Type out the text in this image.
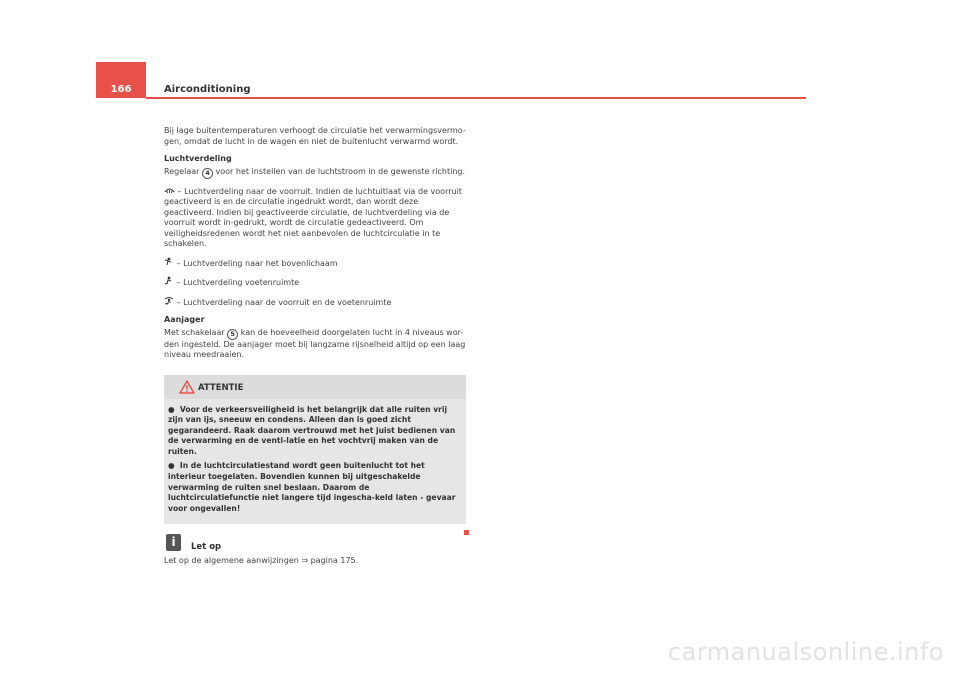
166	Airconditioning

Bij lage buitentemperaturen verhoogt de circulatie het verwarmingsvermo-gen, omdat de lucht in de wagen en niet de buitenlucht verwarmd wordt.

Luchtverdeling

Regelaar 4 voor het instellen van de luchtstroom in de gewenste richting.

– Luchtverdeling naar de voorruit. Indien de luchtuitlaat via de voorruit geactiveerd is en de circulatie ingedrukt wordt, dan wordt deze geactiveerd. Indien bij geactiveerde circulatie, de luchtverdeling via de voorruit wordt in-gedrukt, wordt de circulatie gedeactiveerd. Om veiligheidsredenen wordt het niet aanbevolen de luchtcirculatie in te schakelen.

– Luchtverdeling naar het bovenlichaam

– Luchtverdeling voetenruimte

– Luchtverdeling naar de voorruit en de voetenruimte

Aanjager

Met schakelaar 5 kan de hoeveelheid doorgelaten lucht in 4 niveaus wor-den ingesteld. De aanjager moet bij langzame rijsnelheid altijd op een laag niveau meedraaien.

ATTENTIE

●  Voor de verkeersveiligheid is het belangrijk dat alle ruiten vrij zijn van ijs, sneeuw en condens. Alleen dan is goed zicht gegarandeerd. Raak daarom vertrouwd met het juist bedienen van de verwarming en de venti-latie en het vochtvrij maken van de ruiten.

●  In de luchtcirculatiestand wordt geen buitenlucht tot het interieur toegelaten. Bovendien kunnen bij uitgeschakelde verwarming de ruiten snel beslaan. Daarom de luchtcirculatiefunctie niet langere tijd ingescha-keld laten - gevaar voor ongevallen!

i	Let op
Let op de algemene aanwijzingen ⇒ pagina 175.
carmanualsonline.info
